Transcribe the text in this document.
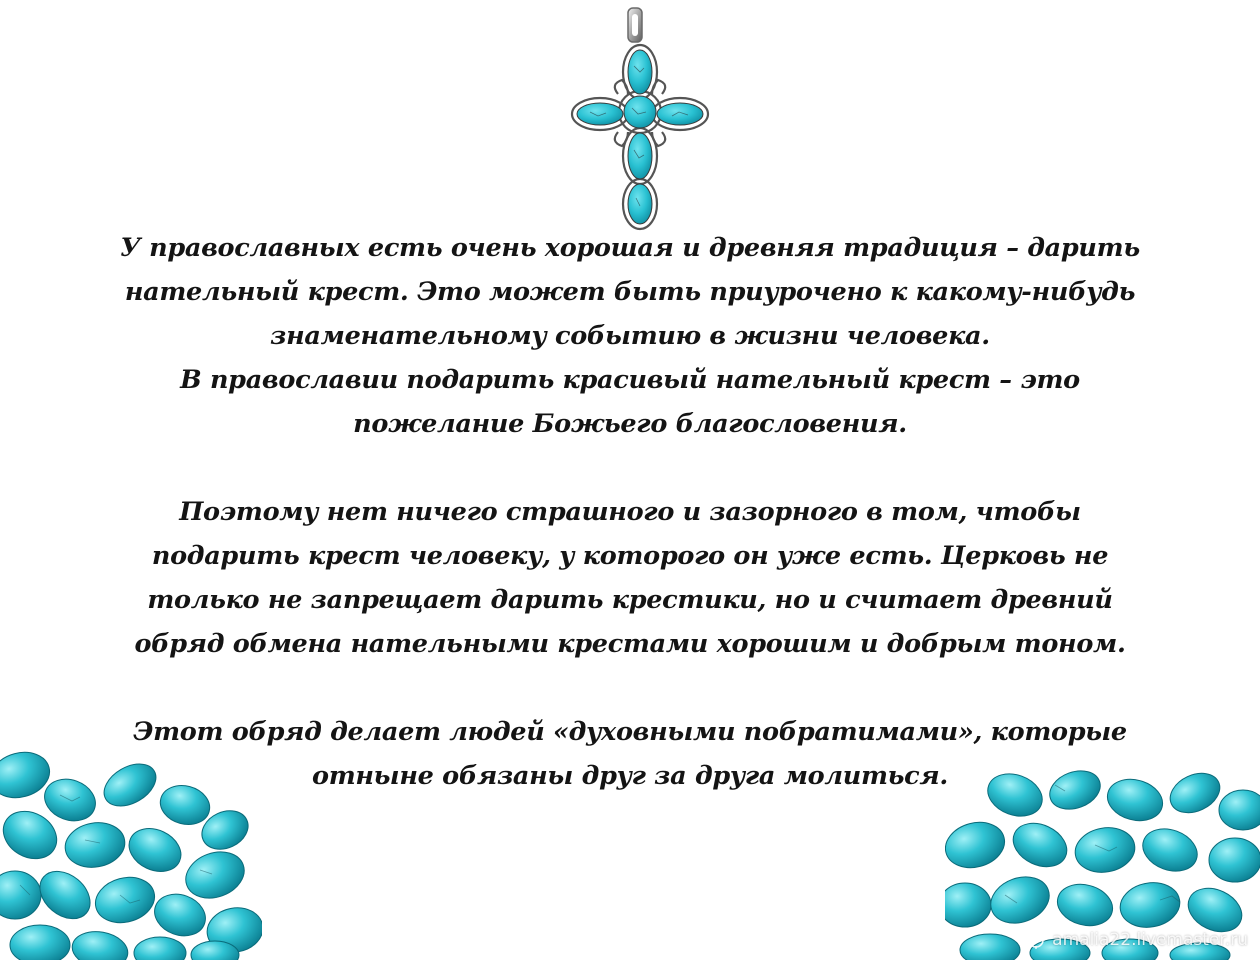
У православных есть очень хорошая и древняя традиция – дарить
нательный крест. Это может быть приурочено к какому-нибудь
знаменательному событию в жизни человека.
В православии подарить красивый нательный крест – это
пожелание Божьего благословения.

Поэтому нет ничего страшного и зазорного в том, чтобы
подарить крест человеку, у которого он уже есть. Церковь не
только не запрещает дарить крестики, но и считает древний
обряд обмена нательными крестами хорошим и добрым тоном.

Этот обряд делает людей «духовными побратимами», которые
отныне обязаны друг за друга молиться.

amalia22.livemaster.ru
